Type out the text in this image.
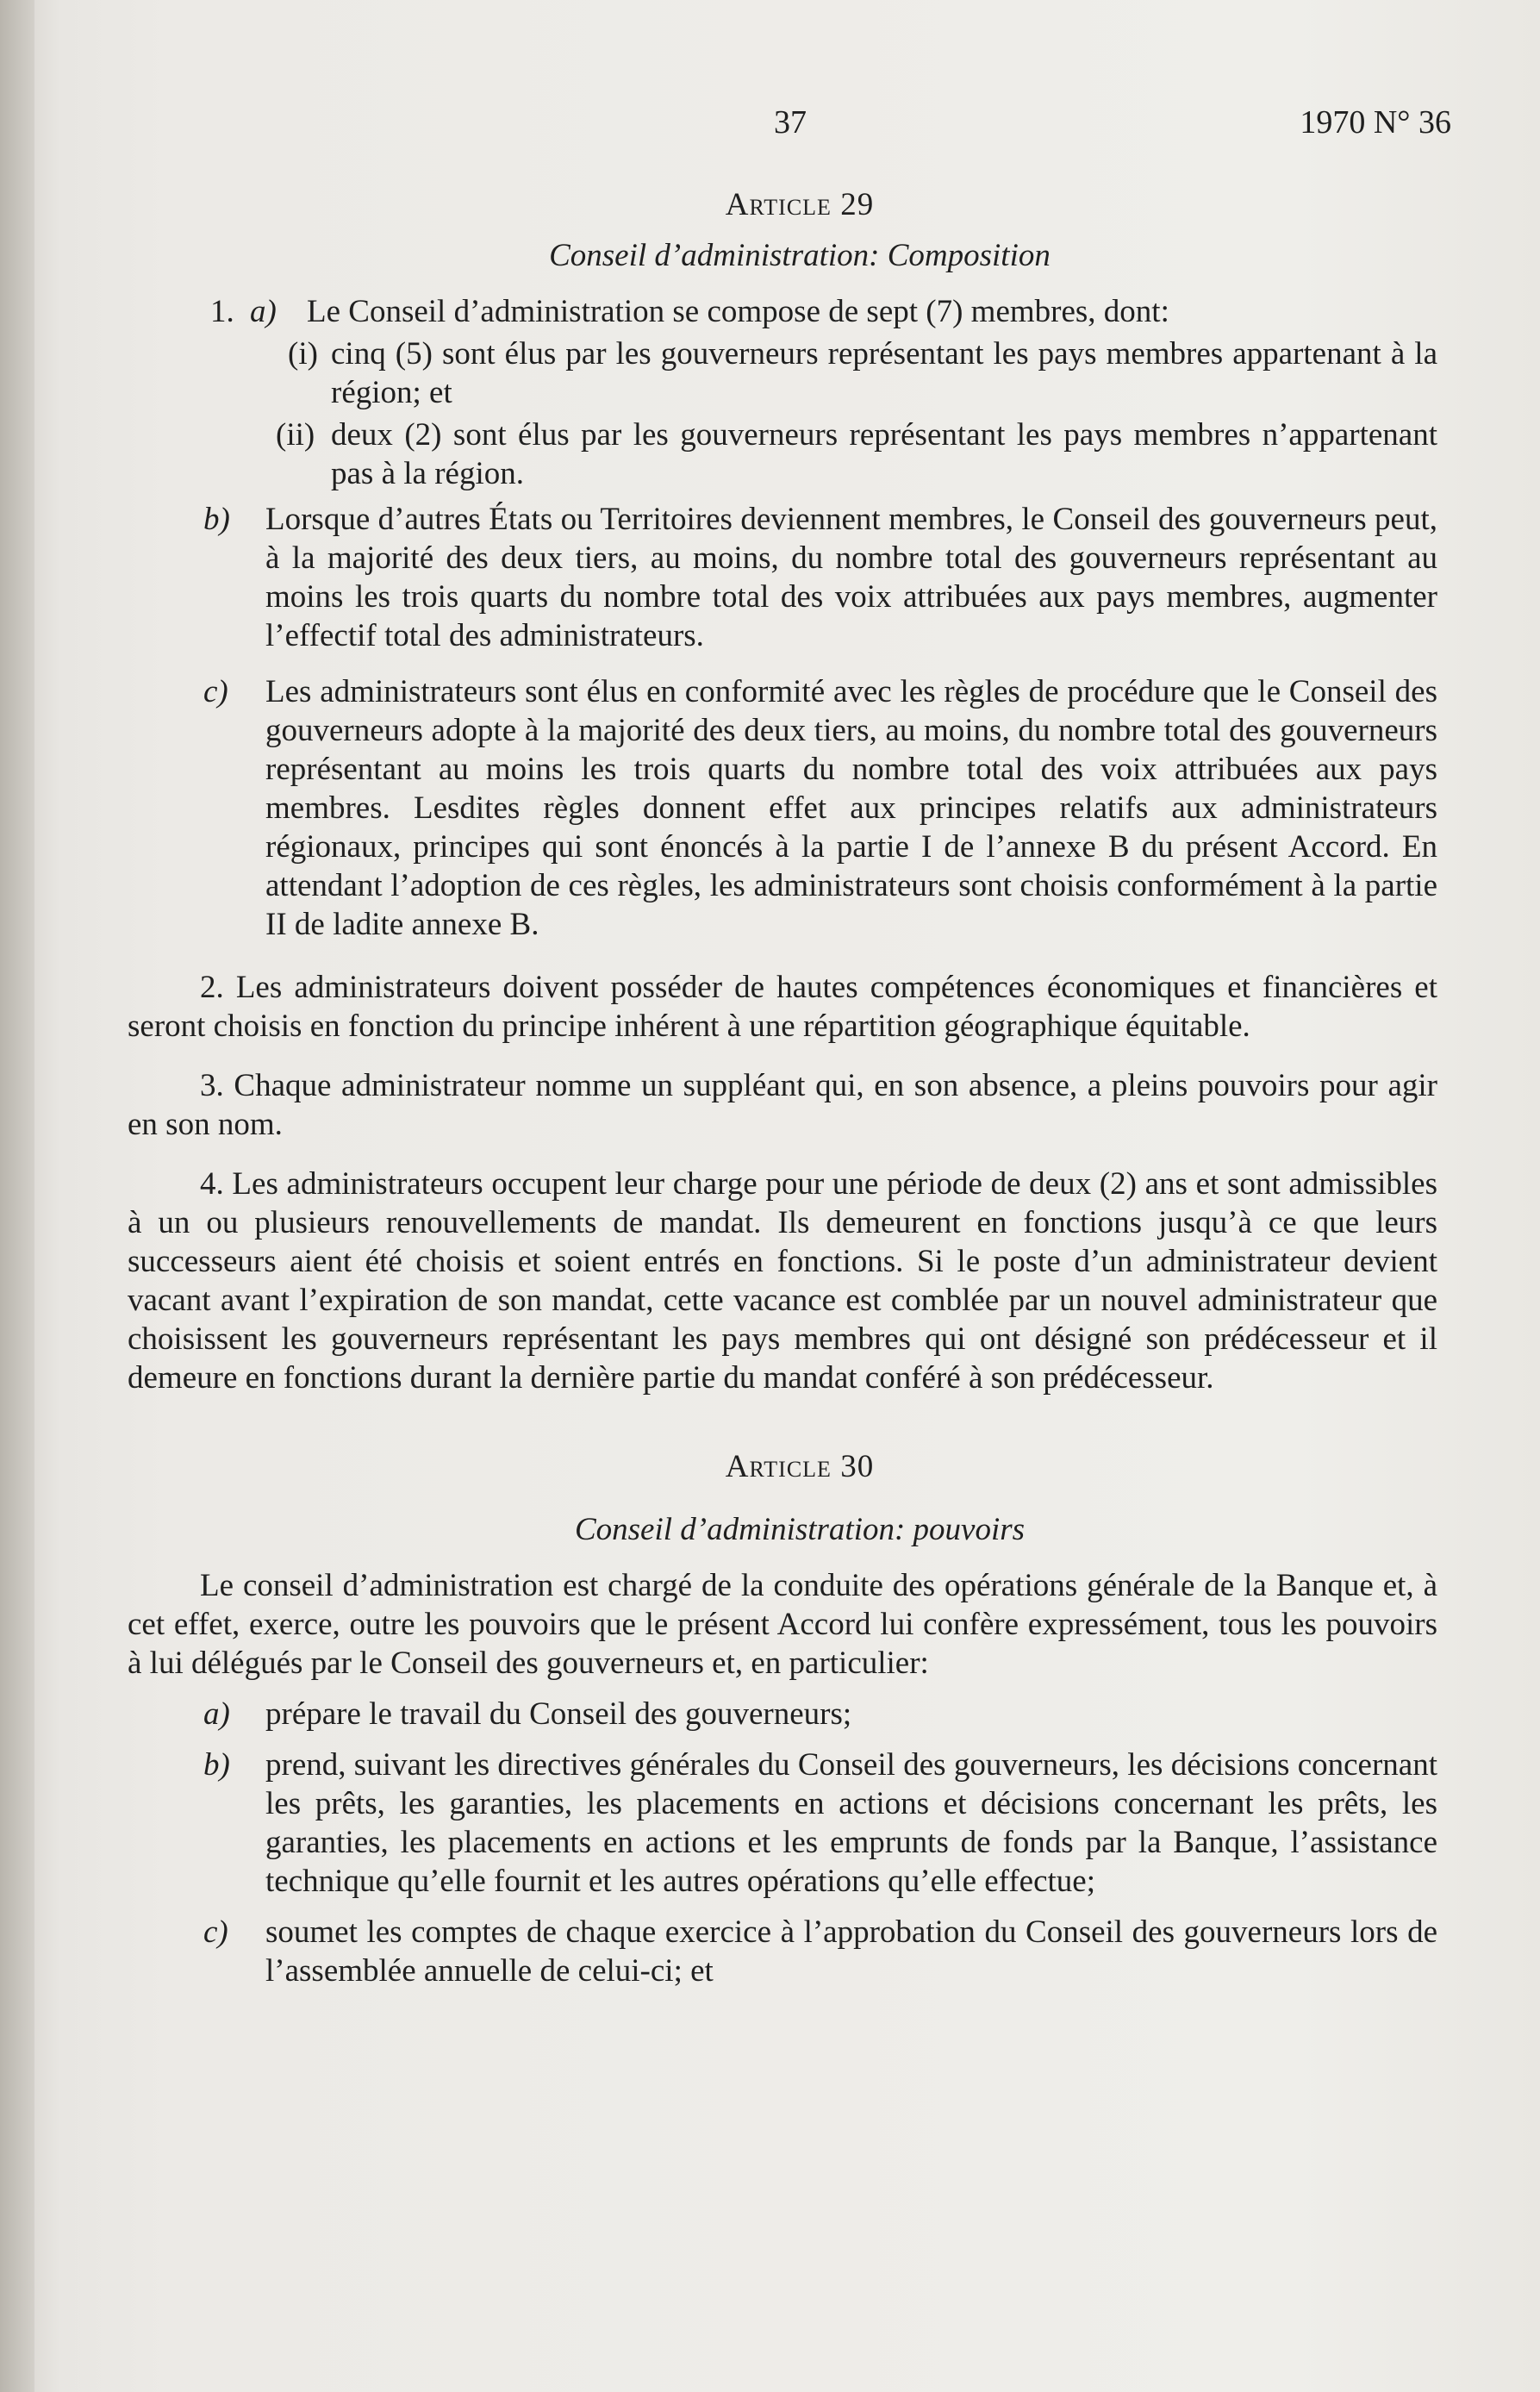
37	1970 N° 36
Article 29
Conseil d’administration: Composition
1. a) Le Conseil d’administration se compose de sept (7) membres, dont:
(i) cinq (5) sont élus par les gouverneurs représentant les pays membres appartenant à la région; et
(ii) deux (2) sont élus par les gouverneurs représentant les pays membres n’appartenant pas à la région.
b) Lorsque d’autres États ou Territoires deviennent membres, le Conseil des gouverneurs peut, à la majorité des deux tiers, au moins, du nombre total des gouverneurs représentant au moins les trois quarts du nombre total des voix attribuées aux pays membres, augmenter l’effectif total des administrateurs.
c) Les administrateurs sont élus en conformité avec les règles de procédure que le Conseil des gouverneurs adopte à la majorité des deux tiers, au moins, du nombre total des gouverneurs représentant au moins les trois quarts du nombre total des voix attribuées aux pays membres. Lesdites règles donnent effet aux principes relatifs aux administrateurs régionaux, principes qui sont énoncés à la partie I de l’annexe B du présent Accord. En attendant l’adoption de ces règles, les administrateurs sont choisis conformément à la partie II de ladite annexe B.

2. Les administrateurs doivent posséder de hautes compétences économiques et financières et seront choisis en fonction du principe inhérent à une répartition géographique équitable.

3. Chaque administrateur nomme un suppléant qui, en son absence, a pleins pouvoirs pour agir en son nom.

4. Les administrateurs occupent leur charge pour une période de deux (2) ans et sont admissibles à un ou plusieurs renouvellements de mandat. Ils demeurent en fonctions jusqu’à ce que leurs successeurs aient été choisis et soient entrés en fonctions. Si le poste d’un administrateur devient vacant avant l’expiration de son mandat, cette vacance est comblée par un nouvel administrateur que choisissent les gouverneurs représentant les pays membres qui ont désigné son prédécesseur et il demeure en fonctions durant la dernière partie du mandat conféré à son prédécesseur.

Article 30
Conseil d’administration: pouvoirs

Le conseil d’administration est chargé de la conduite des opérations générale de la Banque et, à cet effet, exerce, outre les pouvoirs que le présent Accord lui confère expressément, tous les pouvoirs à lui délégués par le Conseil des gouverneurs et, en particulier:

a) prépare le travail du Conseil des gouverneurs;
b) prend, suivant les directives générales du Conseil des gouverneurs, les décisions concernant les prêts, les garanties, les placements en actions et décisions concernant les prêts, les garanties, les placements en actions et les emprunts de fonds par la Banque, l’assistance technique qu’elle fournit et les autres opérations qu’elle effectue;
c) soumet les comptes de chaque exercice à l’approbation du Conseil des gouverneurs lors de l’assemblée annuelle de celui-ci; et
